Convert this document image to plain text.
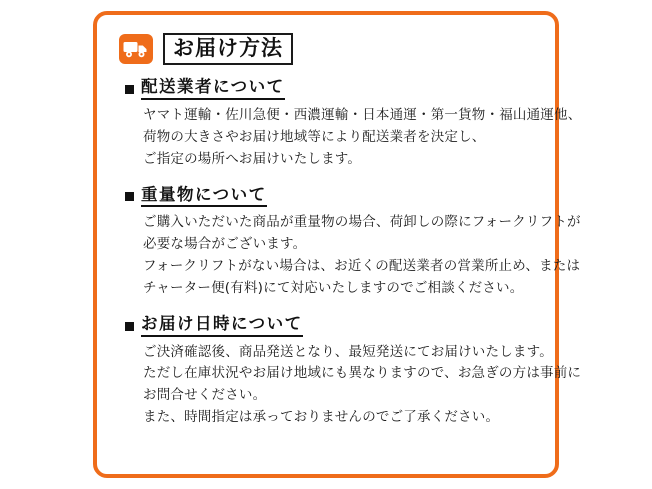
お届け方法
配送業者について
ヤマト運輸・佐川急便・西濃運輸・日本通運・第一貨物・福山通運他、
荷物の大きさやお届け地域等により配送業者を決定し、
ご指定の場所へお届けいたします。
重量物について
ご購入いただいた商品が重量物の場合、荷卸しの際にフォークリフトが
必要な場合がございます。
フォークリフトがない場合は、お近くの配送業者の営業所止め、または
チャーター便(有料)にて対応いたしますのでご相談ください。
お届け日時について
ご決済確認後、商品発送となり、最短発送にてお届けいたします。
ただし在庫状況やお届け地域にも異なりますので、お急ぎの方は事前に
お問合せください。
また、時間指定は承っておりませんのでご了承ください。
